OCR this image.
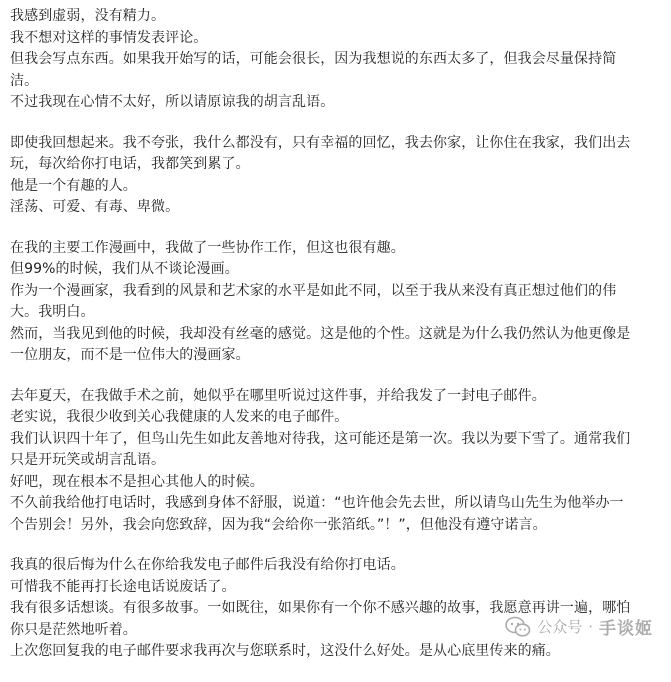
我感到虚弱，没有精力。
我不想对这样的事情发表评论。
但我会写点东西。如果我开始写的话，可能会很长，因为我想说的东西太多了，但我会尽量保持简
洁。
不过我现在心情不太好，所以请原谅我的胡言乱语。
即使我回想起来。我不夸张，我什么都没有，只有幸福的回忆，我去你家，让你住在我家，我们出去
玩，每次给你打电话，我都笑到累了。
他是一个有趣的人。
淫荡、可爱、有毒、卑微。
在我的主要工作漫画中，我做了一些协作工作，但这也很有趣。
但99%的时候，我们从不谈论漫画。
作为一个漫画家，我看到的风景和艺术家的水平是如此不同，以至于我从来没有真正想过他们的伟
大。我明白。
然而，当我见到他的时候，我却没有丝毫的感觉。这是他的个性。这就是为什么我仍然认为他更像是
一位朋友，而不是一位伟大的漫画家。
去年夏天，在我做手术之前，她似乎在哪里听说过这件事，并给我发了一封电子邮件。
老实说，我很少收到关心我健康的人发来的电子邮件。
我们认识四十年了，但鸟山先生如此友善地对待我，这可能还是第一次。我以为要下雪了。通常我们
只是开玩笑或胡言乱语。
好吧，现在根本不是担心其他人的时候。
不久前我给他打电话时，我感到身体不舒服，说道：“也许他会先去世，所以请鸟山先生为他举办一
个告别会！另外，我会向您致辞，因为我“会给你一张箔纸。”！”，但他没有遵守诺言。
我真的很后悔为什么在你给我发电子邮件后我没有给你打电话。
可惜我不能再打长途电话说废话了。
我有很多话想谈。有很多故事。一如既往，如果你有一个你不感兴趣的故事，我愿意再讲一遍，哪怕
你只是茫然地听着。
上次您回复我的电子邮件要求我再次与您联系时，这没什么好处。是从心底里传来的痛。
公众号 · 手谈姬
